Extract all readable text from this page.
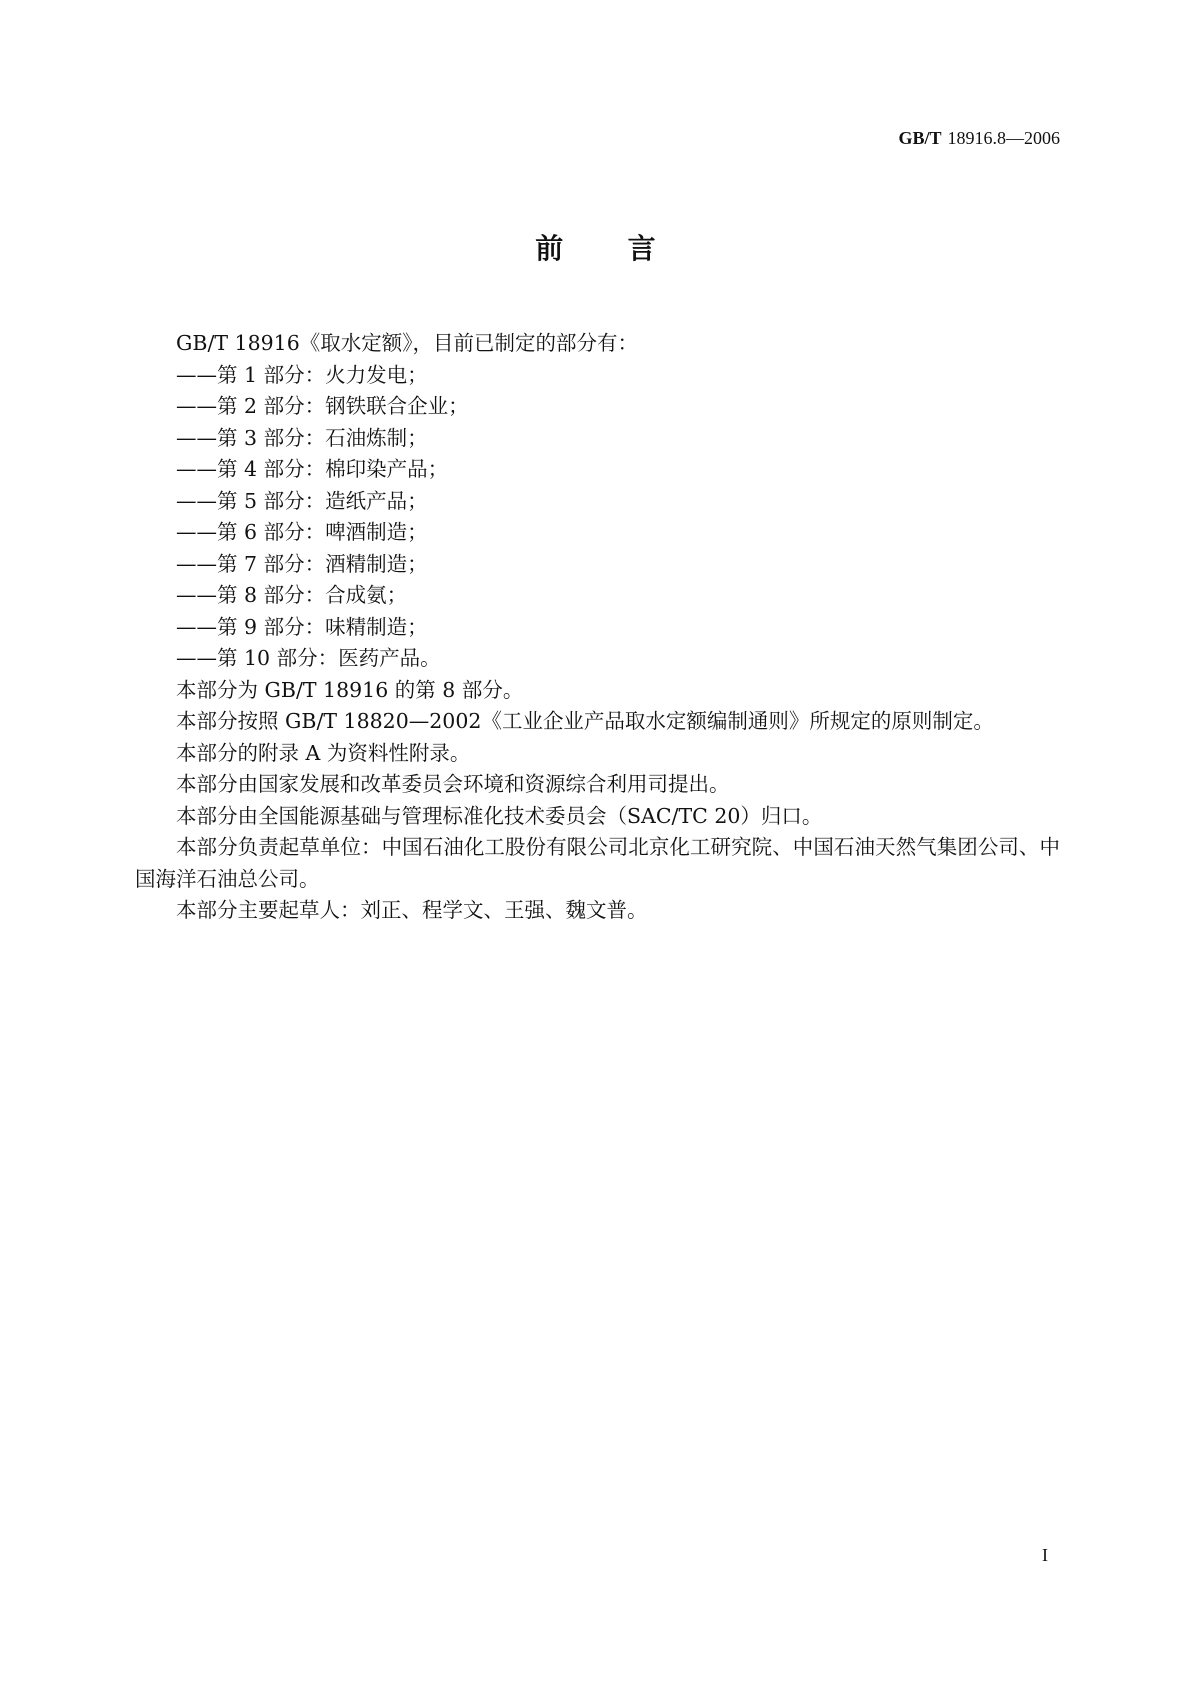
GB/T 18916.8—2006
前言

GB/T 18916《取水定额》，目前已制定的部分有：

——第 1 部分：火力发电；

——第 2 部分：钢铁联合企业；

——第 3 部分：石油炼制；

——第 4 部分：棉印染产品；

——第 5 部分：造纸产品；

——第 6 部分：啤酒制造；

——第 7 部分：酒精制造；

——第 8 部分：合成氨；

——第 9 部分：味精制造；

——第 10 部分：医药产品。

本部分为 GB/T 18916 的第 8 部分。

本部分按照 GB/T 18820—2002《工业企业产品取水定额编制通则》所规定的原则制定。

本部分的附录 A 为资料性附录。

本部分由国家发展和改革委员会环境和资源综合利用司提出。

本部分由全国能源基础与管理标准化技术委员会（SAC/TC 20）归口。

本部分负责起草单位：中国石油化工股份有限公司北京化工研究院、中国石油天然气集团公司、中国海洋石油总公司。

本部分主要起草人：刘正、程学文、王强、魏文普。

I
